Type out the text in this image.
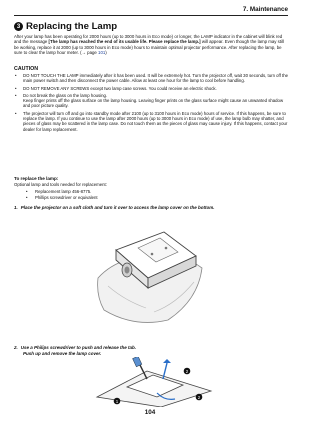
7. Maintenance
3 Replacing the Lamp
After your lamp has been operating for 2000 hours (up to 3000 hours in Eco mode) or longer, the LAMP indicator in the cabinet will blink red and the message [The lamp has reached the end of its usable life. Please replace the lamp.] will appear. Even though the lamp may still be working, replace it at 2000 (up to 3000 hours in Eco mode) hours to maintain optimal projector performance. After replacing the lamp, be sure to clear the lamp hour meter. (→ page 101)
CAUTION
• DO NOT TOUCH THE LAMP immediately after it has been used. It will be extremely hot. Turn the projector off, wait 30 seconds, turn off the main power switch and then disconnect the power cable. Allow at least one hour for the lamp to cool before handling.
• DO NOT REMOVE ANY SCREWS except two lamp case screws. You could receive an electric shock.
• Do not break the glass on the lamp housing.
Keep finger prints off the glass surface on the lamp housing. Leaving finger prints on the glass surface might cause an unwanted shadow and poor picture quality.
• The projector will turn off and go into standby mode after 2100 (up to 3100 hours in Eco mode) hours of service. If this happens, be sure to replace the lamp. If you continue to use the lamp after 2000 hours (up to 3000 hours in Eco mode) of use, the lamp bulb may shatter, and pieces of glass may be scattered in the lamp case. Do not touch them as the pieces of glass may cause injury. If this happens, contact your dealer for lamp replacement.
To replace the lamp:
Optional lamp and tools needed for replacement:
• Replacement lamp 456-8775.
• Phillips screwdriver or equivalent
1. Place the projector on a soft cloth and turn it over to access the lamp cover on the bottom.
2. Use a Philips screwdriver to push and release the tab.
Push up and remove the lamp cover.
1
2
2
104
